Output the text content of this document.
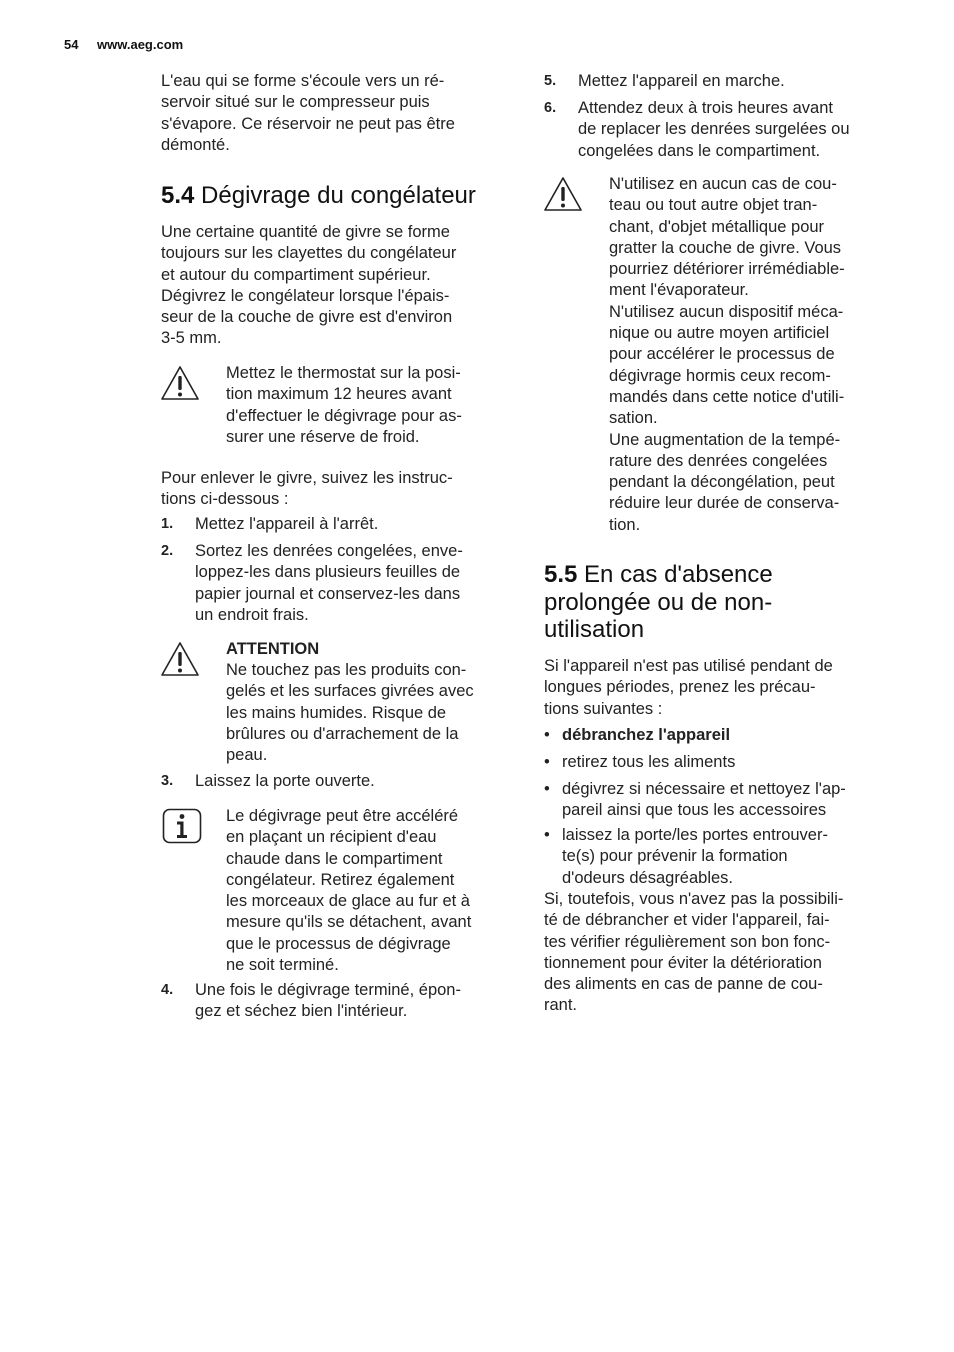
54 www.aeg.com
L'eau qui se forme s'écoule vers un ré-
servoir situé sur le compresseur puis
s'évapore. Ce réservoir ne peut pas être
démonté.
5.4 Dégivrage du congélateur
Une certaine quantité de givre se forme
toujours sur les clayettes du congélateur
et autour du compartiment supérieur.
Dégivrez le congélateur lorsque l'épais-
seur de la couche de givre est d'environ
3-5 mm.
Mettez le thermostat sur la posi-
tion maximum 12 heures avant
d'effectuer le dégivrage pour as-
surer une réserve de froid.
Pour enlever le givre, suivez les instruc-
tions ci-dessous :
1. Mettez l'appareil à l'arrêt.
2. Sortez les denrées congelées, enve-
loppez-les dans plusieurs feuilles de
papier journal et conservez-les dans
un endroit frais.
ATTENTION
Ne touchez pas les produits con-
gelés et les surfaces givrées avec
les mains humides. Risque de
brûlures ou d'arrachement de la
peau.
3. Laissez la porte ouverte.
Le dégivrage peut être accéléré
en plaçant un récipient d'eau
chaude dans le compartiment
congélateur. Retirez également
les morceaux de glace au fur et à
mesure qu'ils se détachent, avant
que le processus de dégivrage
ne soit terminé.
4. Une fois le dégivrage terminé, épon-
gez et séchez bien l'intérieur.
5. Mettez l'appareil en marche.
6. Attendez deux à trois heures avant
de replacer les denrées surgelées ou
congelées dans le compartiment.
N'utilisez en aucun cas de cou-
teau ou tout autre objet tran-
chant, d'objet métallique pour
gratter la couche de givre. Vous
pourriez détériorer irrémédiable-
ment l'évaporateur.
N'utilisez aucun dispositif méca-
nique ou autre moyen artificiel
pour accélérer le processus de
dégivrage hormis ceux recom-
mandés dans cette notice d'utili-
sation.
Une augmentation de la tempé-
rature des denrées congelées
pendant la décongélation, peut
réduire leur durée de conserva-
tion.
5.5 En cas d'absence
prolongée ou de non-
utilisation
Si l'appareil n'est pas utilisé pendant de
longues périodes, prenez les précau-
tions suivantes :
• débranchez l'appareil
• retirez tous les aliments
• dégivrez si nécessaire et nettoyez l'ap-
pareil ainsi que tous les accessoires
• laissez la porte/les portes entrouver-
te(s) pour prévenir la formation
d'odeurs désagréables.
Si, toutefois, vous n'avez pas la possibili-
té de débrancher et vider l'appareil, fai-
tes vérifier régulièrement son bon fonc-
tionnement pour éviter la détérioration
des aliments en cas de panne de cou-
rant.
